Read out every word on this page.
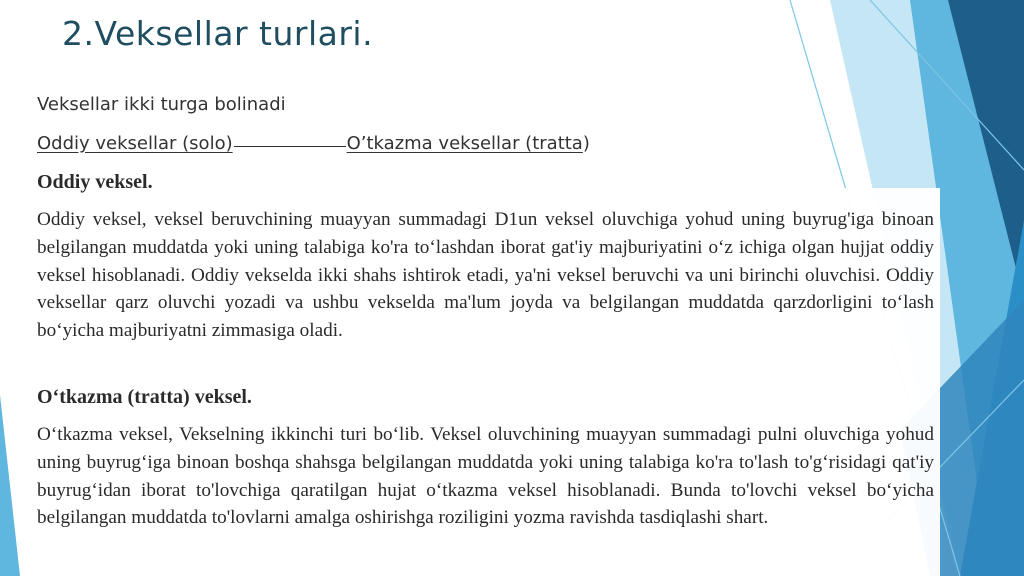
2.Veksellar turlari.
Veksellar ikki turga bolinadi
Oddiy veksellar (solo)	O’tkazma veksellar (tratta)
Oddiy veksel.

Oddiy veksel, veksel beruvchining muayyan summadagi D1un veksel oluvchiga yohud uning buyrug'iga binoan belgilangan muddatda yoki uning talabiga ko'ra to‘lashdan iborat gat'iy majburiyatini o‘z ichiga olgan hujjat oddiy veksel hisoblanadi. Oddiy vekselda ikki shahs ishtirok etadi, ya'ni veksel beruvchi va uni birinchi oluvchisi. Oddiy veksellar qarz oluvchi yozadi va ushbu vekselda ma'lum joyda va belgilangan muddatda qarzdorligini to‘lash bo‘yicha majburiyatni zimmasiga oladi.

O‘tkazma (tratta) veksel.

O‘tkazma veksel, Vekselning ikkinchi turi bo‘lib. Veksel oluvchining muayyan summadagi pulni oluvchiga yohud uning buyrug‘iga binoan boshqa shahsga belgilangan muddatda yoki uning talabiga ko'ra to'lash to'g‘risidagi qat'iy buyrug‘idan iborat to'lovchiga qaratilgan hujat o‘tkazma veksel hisoblanadi. Bunda to'lovchi veksel bo‘yicha belgilangan muddatda to'lovlarni amalga oshirishga roziligini yozma ravishda tasdiqlashi shart.
